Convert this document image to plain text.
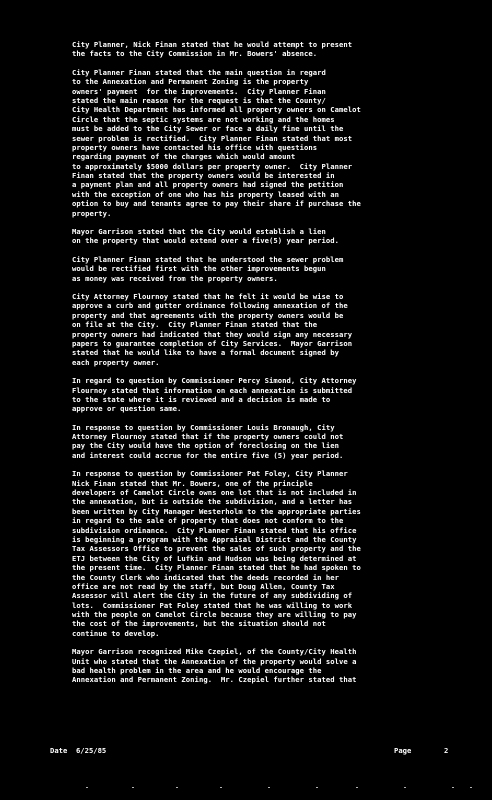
City Planner, Nick Finan stated that he would attempt to present
the facts to the City Commission in Mr. Bowers' absence.
City Planner Finan stated that the main question in regard
to the Annexation and Permanent Zoning is the property
owners' payment  for the improvements.  City Planner Finan
stated the main reason for the request is that the County/
City Health Department has informed all property owners on Camelot
Circle that the septic systems are not working and the homes
must be added to the City Sewer or face a daily fine until the
sewer problem is rectified.  City Planner Finan stated that most
property owners have contacted his office with questions
regarding payment of the charges which would amount
to approximately $5000 dollars per property owner.  City Planner
Finan stated that the property owners would be interested in
a payment plan and all property owners had signed the petition
with the exception of one who has his property leased with an
option to buy and tenants agree to pay their share if purchase the
property.
Mayor Garrison stated that the City would establish a lien
on the property that would extend over a five(5) year period.
City Planner Finan stated that he understood the sewer problem
would be rectified first with the other improvements begun
as money was received from the property owners.
City Attorney Flournoy stated that he felt it would be wise to
approve a curb and gutter ordinance following annexation of the
property and that agreements with the property owners would be
on file at the City.  City Planner Finan stated that the
property owners had indicated that they would sign any necessary
papers to guarantee completion of City Services.  Mayor Garrison
stated that he would like to have a formal document signed by
each property owner.
In regard to question by Commissioner Percy Simond, City Attorney
Flournoy stated that information on each annexation is submitted
to the state where it is reviewed and a decision is made to
approve or question same.
In response to question by Commissioner Louis Bronaugh, City
Attorney Flournoy stated that if the property owners could not
pay the City would have the option of foreclosing on the lien
and interest could accrue for the entire five (5) year period.
In response to question by Commissioner Pat Foley, City Planner
Nick Finan stated that Mr. Bowers, one of the principle
developers of Camelot Circle owns one lot that is not included in
the annexation, but is outside the subdivision, and a letter has
been written by City Manager Westerholm to the appropriate parties
in regard to the sale of property that does not conform to the
subdivision ordinance.  City Planner Finan stated that his office
is beginning a program with the Appraisal District and the County
Tax Assessors Office to prevent the sales of such property and the
ETJ between the City of Lufkin and Hudson was being determined at
the present time.  City Planner Finan stated that he had spoken to
the County Clerk who indicated that the deeds recorded in her
office are not read by the staff, but Doug Allen, County Tax
Assessor will alert the City in the future of any subdividing of
lots.  Commissioner Pat Foley stated that he was willing to work
with the people on Camelot Circle because they are willing to pay
the cost of the improvements, but the situation should not
continue to develop.
Mayor Garrison recognized Mike Czepiel, of the County/City Health
Unit who stated that the Annexation of the property would solve a
bad health problem in the area and he would encourage the
Annexation and Permanent Zoning.  Mr. Czepiel further stated that
Date  6/25/85	Page	2
